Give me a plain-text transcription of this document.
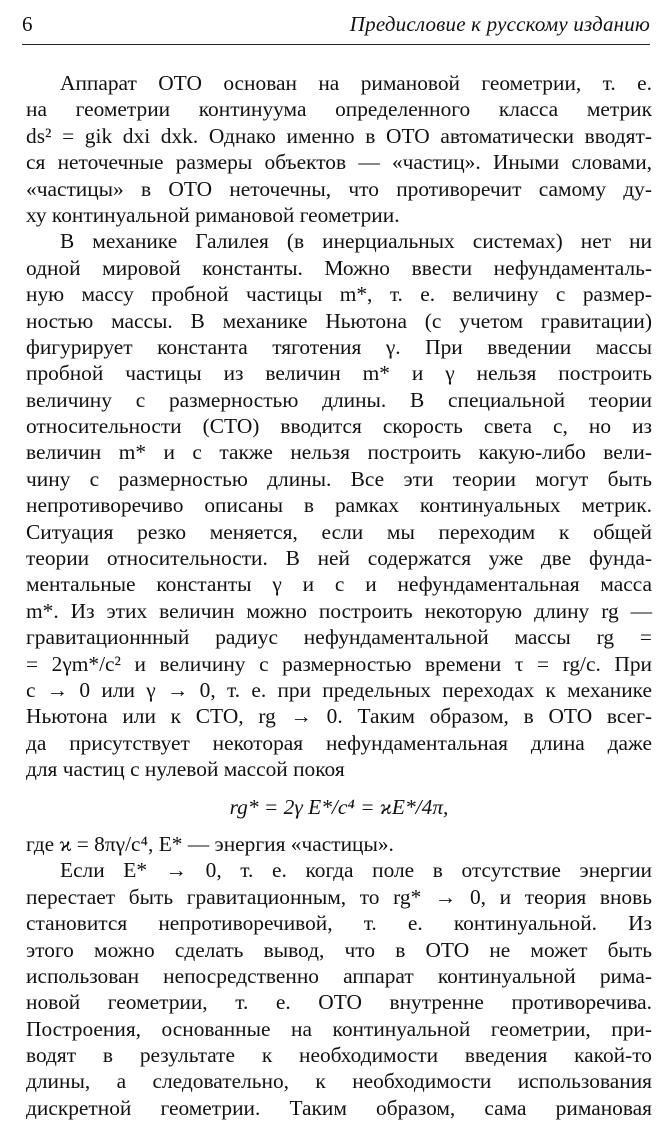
6	Предисловие к русскому изданию
Аппарат ОТО основан на римановой геометрии, т. е.
на геометрии континуума определенного класса метрик
ds² = gik dxi dxk. Однако именно в ОТО автоматически вводят-
ся неточечные размеры объектов — «частиц». Иными словами,
«частицы» в ОТО неточечны, что противоречит самому ду-
ху континуальной римановой геометрии.
В механике Галилея (в инерциальных системах) нет ни
одной мировой константы. Можно ввести нефундаменталь-
ную массу пробной частицы m*, т. е. величину с размер-
ностью массы. В механике Ньютона (с учетом гравитации)
фигурирует константа тяготения γ. При введении массы
пробной частицы из величин m* и γ нельзя построить
величину с размерностью длины. В специальной теории
относительности (СТО) вводится скорость света c, но из
величин m* и c также нельзя построить какую-либо вели-
чину с размерностью длины. Все эти теории могут быть
непротиворечиво описаны в рамках континуальных метрик.
Ситуация резко меняется, если мы переходим к общей
теории относительности. В ней содержатся уже две фунда-
ментальные константы γ и c и нефундаментальная масса
m*. Из этих величин можно построить некоторую длину rg —
гравитационнный радиус нефундаментальной массы rg =
= 2γm*/c² и величину с размерностью времени τ = rg/c. При
c → 0 или γ → 0, т. е. при предельных переходах к механике
Ньютона или к СТО, rg → 0. Таким образом, в ОТО всег-
да присутствует некоторая нефундаментальная длина даже
для частиц с нулевой массой покоя
rg* = 2γ E*/c⁴ = ϰE*/4π,
где ϰ = 8πγ/c⁴, E* — энергия «частицы».
Если E* → 0, т. е. когда поле в отсутствие энергии
перестает быть гравитационным, то rg* → 0, и теория вновь
становится непротиворечивой, т. е. континуальной. Из
этого можно сделать вывод, что в ОТО не может быть
использован непосредственно аппарат континуальной рима-
новой геометрии, т. е. ОТО внутренне противоречива.
Построения, основанные на континуальной геометрии, при-
водят в результате к необходимости введения какой-то
длины, а следовательно, к необходимости использования
дискретной геометрии. Таким образом, сама римановая
